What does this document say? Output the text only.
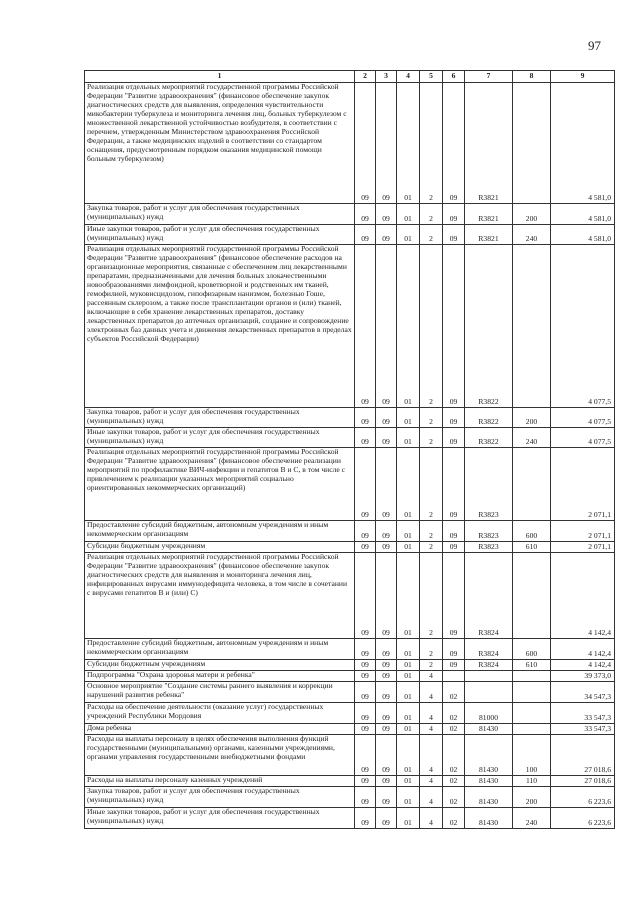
97
1	2	3	4	5	6	7	8	9
Реализация отдельных мероприятий государственной программы Российской Федерации "Развитие здравоохранения" (финансовое обеспечение закупок диагностических средств для выявления, определения чувствительности микобактерии туберкулеза и мониторинга лечения лиц, больных туберкулезом с множественной лекарственной устойчивостью возбудителя, в соответствии с перечнем, утвержденным Министерством здравоохранения Российской Федерации, а также медицинских изделий в соответствии со стандартом оснащения, предусмотренным порядком оказания медицинской помощи больным туберкулезом)	09	09	01	2	09	R3821		4 581,0
Закупка товаров, работ и услуг для обеспечения государственных (муниципальных) нужд	09	09	01	2	09	R3821	200	4 581,0
Иные закупки товаров, работ и услуг для обеспечения государственных (муниципальных) нужд	09	09	01	2	09	R3821	240	4 581,0
Реализация отдельных мероприятий государственной программы Российской Федерации "Развитие здравоохранения" (финансовое обеспечение расходов на организационные мероприятия, связанные с обеспечением лиц лекарственными препаратами, предназначенными для лечения больных злокачественными новообразованиями лимфоидной, кроветворной и родственных им тканей, гемофилией, муковисцидозом, гипофизарным нанизмом, болезнью Гоше, рассеянным склерозом, а также после трансплантации органов и (или) тканей, включающие в себя хранение лекарственных препаратов, доставку лекарственных препаратов до аптечных организаций, создание и сопровождение электронных баз данных учета и движения лекарственных препаратов в пределах субъектов Российской Федерации)	09	09	01	2	09	R3822		4 077,5
Закупка товаров, работ и услуг для обеспечения государственных (муниципальных) нужд	09	09	01	2	09	R3822	200	4 077,5
Иные закупки товаров, работ и услуг для обеспечения государственных (муниципальных) нужд	09	09	01	2	09	R3822	240	4 077,5
Реализация отдельных мероприятий государственной программы Российской Федерации "Развитие здравоохранения" (финансовое обеспечение реализации мероприятий по профилактике ВИЧ-инфекции и гепатитов В и С, в том числе с привлечением к реализации указанных мероприятий социально ориентированных некоммерческих организаций)	09	09	01	2	09	R3823		2 071,1
Предоставление субсидий бюджетным, автономным учреждениям и иным некоммерческим организациям	09	09	01	2	09	R3823	600	2 071,1
Субсидии бюджетным учреждениям	09	09	01	2	09	R3823	610	2 071,1
Реализация отдельных мероприятий государственной программы Российской Федерации "Развитие здравоохранения" (финансовое обеспечение закупок диагностических средств для выявления и мониторинга лечения лиц, инфицированных вирусами иммунодефицита человека, в том числе в сочетании с вирусами гепатитов В и (или) С)	09	09	01	2	09	R3824		4 142,4
Предоставление субсидий бюджетным, автономным учреждениям и иным некоммерческим организациям	09	09	01	2	09	R3824	600	4 142,4
Субсидии бюджетным учреждениям	09	09	01	2	09	R3824	610	4 142,4
Подпрограмма "Охрана здоровья матери и ребенка"	09	09	01	4				39 373,0
Основное мероприятие "Создание системы раннего выявления и коррекции нарушений развития ребенка"	09	09	01	4	02			34 547,3
Расходы на обеспечение деятельности (оказание услуг) государственных учреждений Республики Мордовия	09	09	01	4	02	81000		33 547,3
Дома ребенка	09	09	01	4	02	81430		33 547,3
Расходы на выплаты персоналу в целях обеспечения выполнения функций государственными (муниципальными) органами, казенными учреждениями, органами управления государственными внебюджетными фондами	09	09	01	4	02	81430	100	27 018,6
Расходы на выплаты персоналу казенных учреждений	09	09	01	4	02	81430	110	27 018,6
Закупка товаров, работ и услуг для обеспечения государственных (муниципальных) нужд	09	09	01	4	02	81430	200	6 223,6
Иные закупки товаров, работ и услуг для обеспечения государственных (муниципальных) нужд	09	09	01	4	02	81430	240	6 223,6
